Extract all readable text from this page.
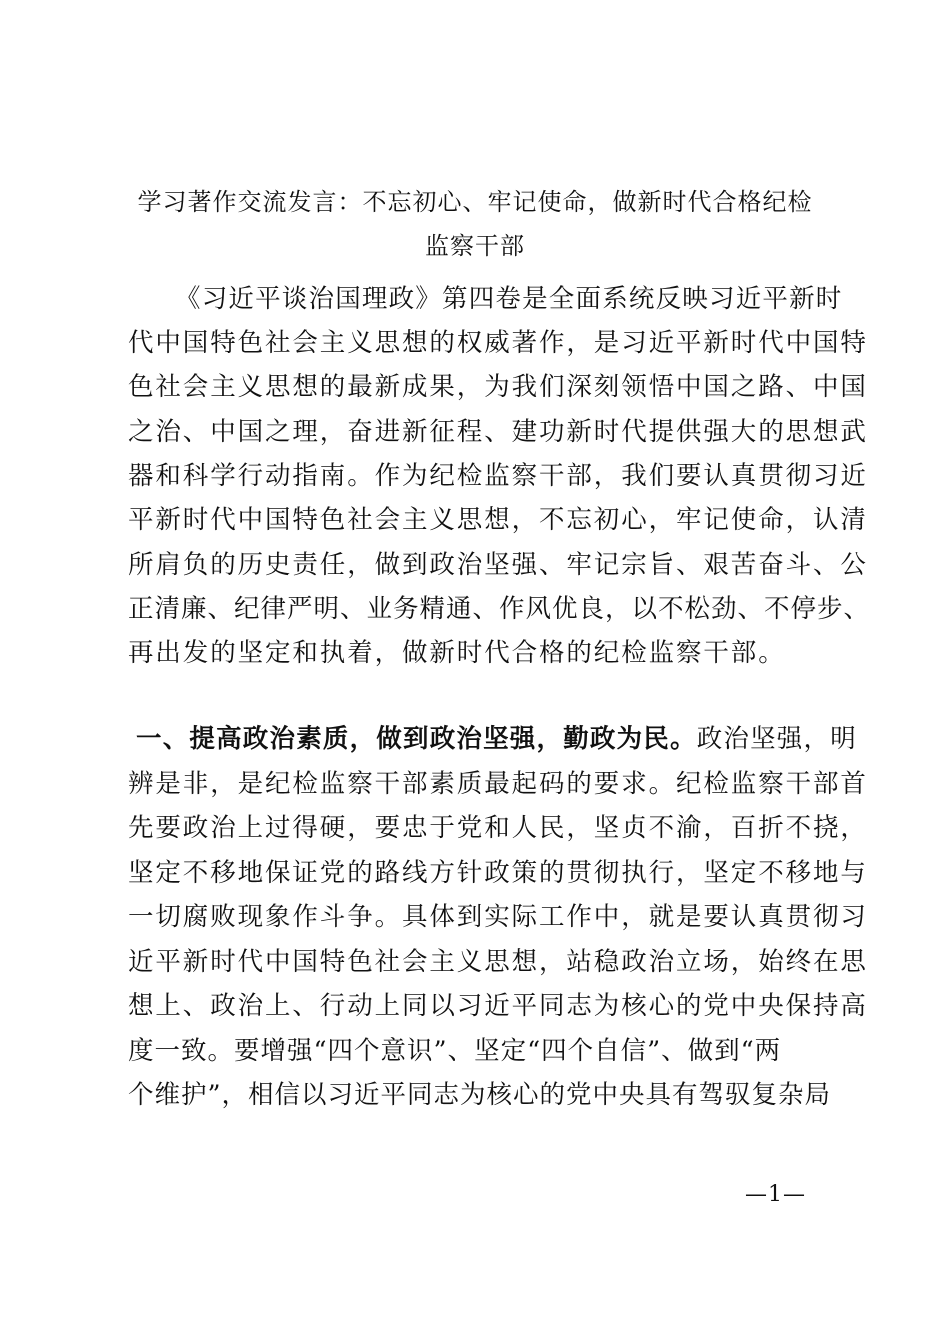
学习著作交流发言：不忘初心、牢记使命，做新时代合格纪检
监察干部
《习近平谈治国理政》第四卷是全面系统反映习近平新时
代中国特色社会主义思想的权威著作，是习近平新时代中国特
色社会主义思想的最新成果，为我们深刻领悟中国之路、中国
之治、中国之理，奋进新征程、建功新时代提供强大的思想武
器和科学行动指南。作为纪检监察干部，我们要认真贯彻习近
平新时代中国特色社会主义思想，不忘初心，牢记使命，认清
所肩负的历史责任，做到政治坚强、牢记宗旨、艰苦奋斗、公
正清廉、纪律严明、业务精通、作风优良，以不松劲、不停步、
再出发的坚定和执着，做新时代合格的纪检监察干部。
一、提高政治素质，做到政治坚强，勤政为民。政治坚强，明
辨是非，是纪检监察干部素质最起码的要求。纪检监察干部首
先要政治上过得硬，要忠于党和人民，坚贞不渝，百折不挠，
坚定不移地保证党的路线方针政策的贯彻执行，坚定不移地与
一切腐败现象作斗争。具体到实际工作中，就是要认真贯彻习
近平新时代中国特色社会主义思想，站稳政治立场，始终在思
想上、政治上、行动上同以习近平同志为核心的党中央保持高
度一致。要增强“四个意识”、坚定“四个自信”、做到“两
个维护”，相信以习近平同志为核心的党中央具有驾驭复杂局
—1—
